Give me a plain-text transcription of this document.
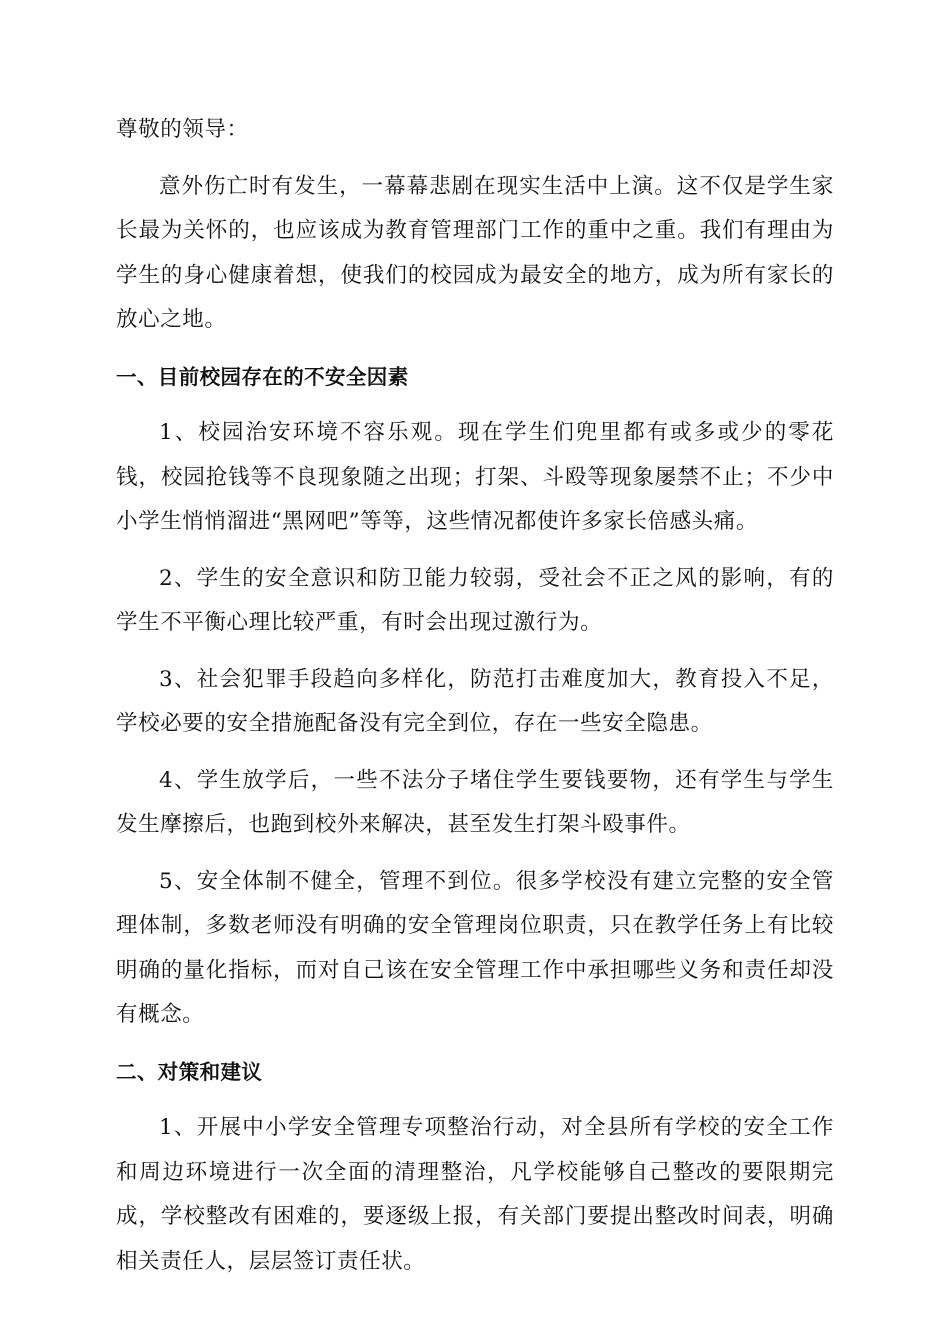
尊敬的领导：

意外伤亡时有发生，一幕幕悲剧在现实生活中上演。这不仅是学生家长最为关怀的，也应该成为教育管理部门工作的重中之重。我们有理由为学生的身心健康着想，使我们的校园成为最安全的地方，成为所有家长的放心之地。

一、目前校园存在的不安全因素

1、校园治安环境不容乐观。现在学生们兜里都有或多或少的零花钱，校园抢钱等不良现象随之出现；打架、斗殴等现象屡禁不止；不少中小学生悄悄溜进“黑网吧”等等，这些情况都使许多家长倍感头痛。

2、学生的安全意识和防卫能力较弱，受社会不正之风的影响，有的学生不平衡心理比较严重，有时会出现过激行为。

3、社会犯罪手段趋向多样化，防范打击难度加大，教育投入不足，学校必要的安全措施配备没有完全到位，存在一些安全隐患。

4、学生放学后，一些不法分子堵住学生要钱要物，还有学生与学生发生摩擦后，也跑到校外来解决，甚至发生打架斗殴事件。

5、安全体制不健全，管理不到位。很多学校没有建立完整的安全管理体制，多数老师没有明确的安全管理岗位职责，只在教学任务上有比较明确的量化指标，而对自己该在安全管理工作中承担哪些义务和责任却没有概念。

二、对策和建议

1、开展中小学安全管理专项整治行动，对全县所有学校的安全工作和周边环境进行一次全面的清理整治，凡学校能够自己整改的要限期完成，学校整改有困难的，要逐级上报，有关部门要提出整改时间表，明确相关责任人，层层签订责任状。
